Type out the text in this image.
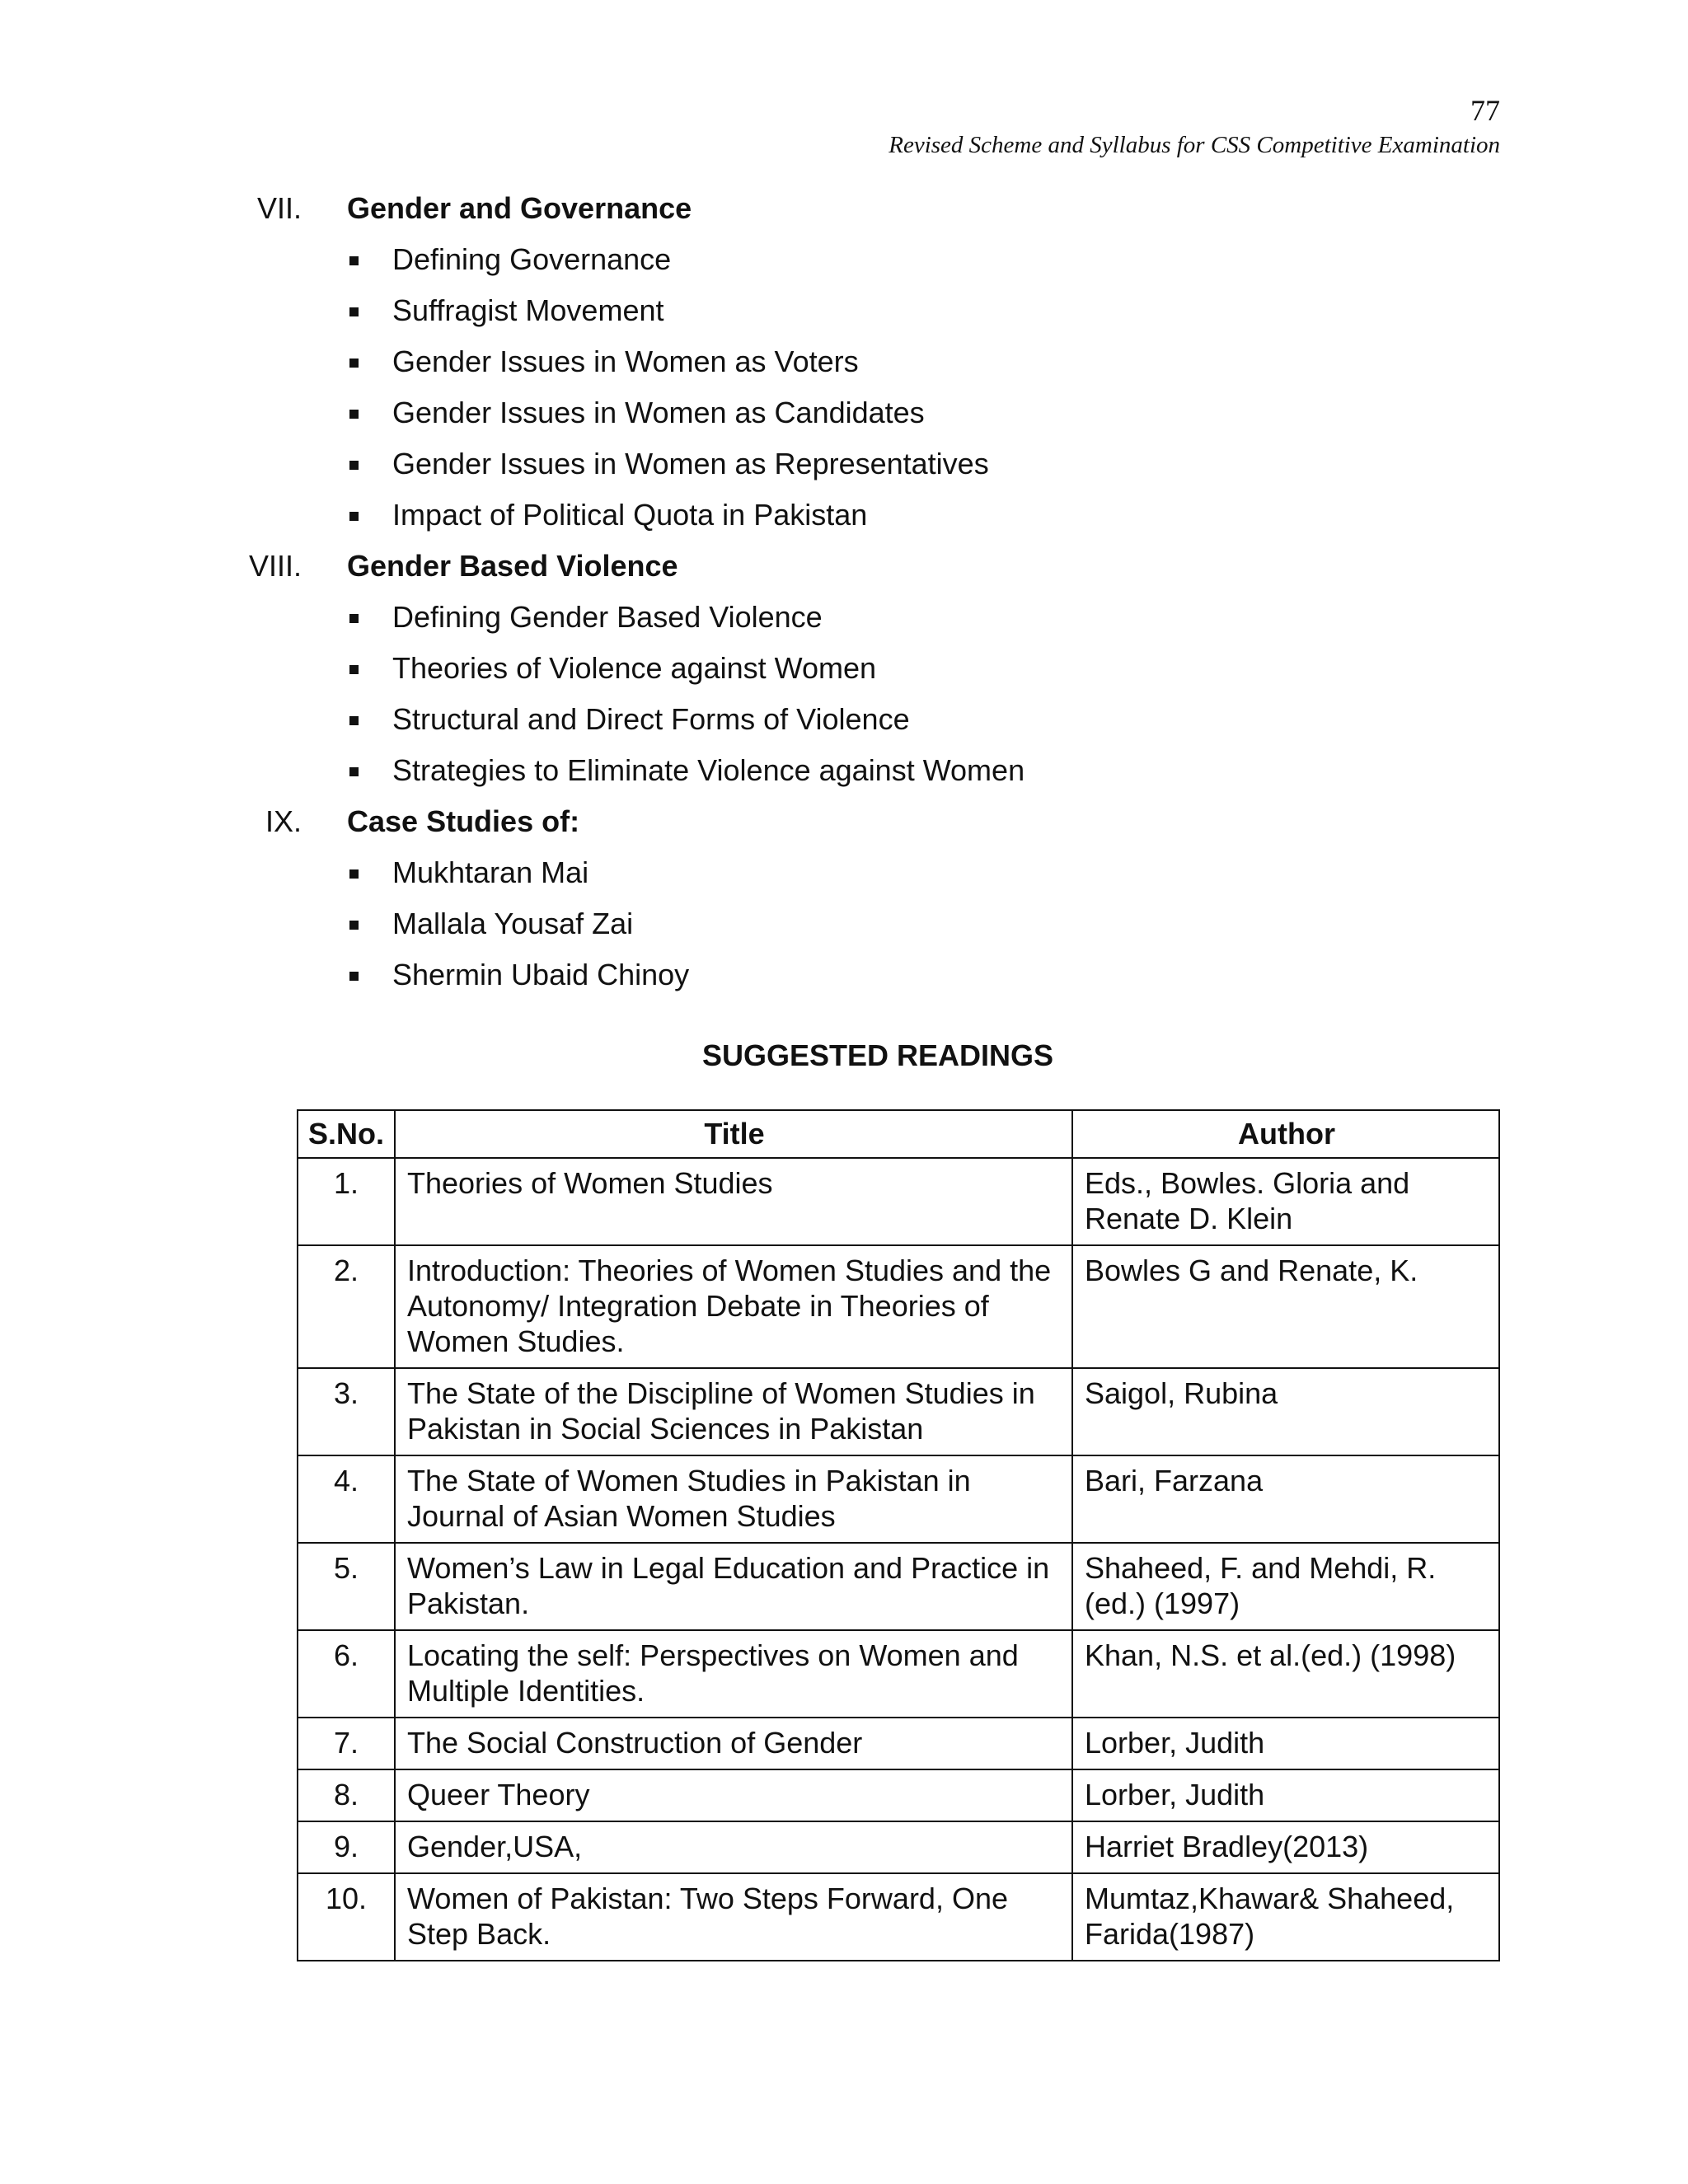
77
Revised Scheme and Syllabus for CSS Competitive Examination
VII. Gender and Governance
Defining Governance
Suffragist Movement
Gender Issues in Women as Voters
Gender Issues in Women as Candidates
Gender Issues in Women as Representatives
Impact of Political Quota in Pakistan
VIII. Gender Based Violence
Defining Gender Based Violence
Theories of Violence against Women
Structural and Direct Forms of Violence
Strategies to Eliminate Violence against Women
IX. Case Studies of:
Mukhtaran Mai
Mallala Yousaf Zai
Shermin Ubaid Chinoy
SUGGESTED READINGS
S.No.	Title	Author
1.	Theories of Women Studies	Eds., Bowles. Gloria and Renate D. Klein
2.	Introduction: Theories of Women Studies and the Autonomy/ Integration Debate in Theories of Women Studies.	Bowles G and Renate, K.
3.	The State of the Discipline of Women Studies in Pakistan in Social Sciences in Pakistan	Saigol, Rubina
4.	The State of Women Studies in Pakistan in Journal of Asian Women Studies	Bari, Farzana
5.	Women’s Law in Legal Education and Practice in Pakistan.	Shaheed, F. and Mehdi, R. (ed.) (1997)
6.	Locating the self: Perspectives on Women and Multiple Identities.	Khan, N.S. et al.(ed.) (1998)
7.	The Social Construction of Gender	Lorber, Judith
8.	Queer Theory	Lorber, Judith
9.	Gender,USA,	Harriet Bradley(2013)
10.	Women of Pakistan: Two Steps Forward, One Step Back.	Mumtaz,Khawar& Shaheed, Farida(1987)
